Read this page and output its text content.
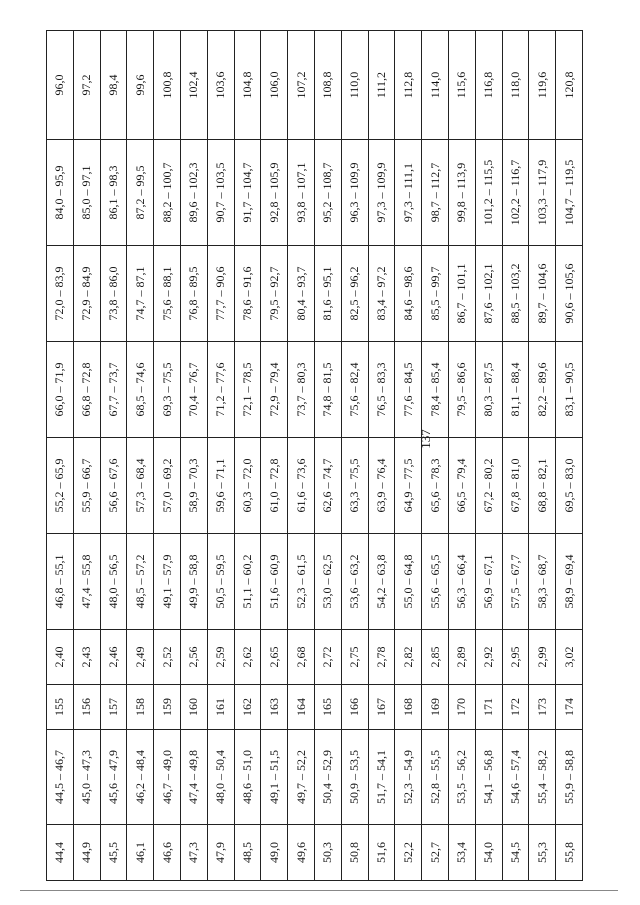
137
44,4	44,5 – 46,7	155	2,40	46,8 – 55,1	55,2 – 65,9	66,0 – 71,9	72,0 – 83,9	84,0 – 95,9	96,0
44,9	45,0 – 47,3	156	2,43	47,4 – 55,8	55,9 – 66,7	66,8 – 72,8	72,9 – 84,9	85,0 – 97,1	97,2
45,5	45,6 – 47,9	157	2,46	48,0 – 56,5	56,6 – 67,6	67,7 – 73,7	73,8 – 86,0	86,1 – 98,3	98,4
46,1	46,2 – 48,4	158	2,49	48,5 – 57,2	57,3 – 68,4	68,5 – 74,6	74,7 – 87,1	87,2 – 99,5	99,6
46,6	46,7 – 49,0	159	2,52	49,1 – 57,9	57,0 – 69,2	69,3 – 75,5	75,6 – 88,1	88,2 – 100,7	100,8
47,3	47,4 – 49,8	160	2,56	49,9 – 58,8	58,9 – 70,3	70,4 – 76,7	76,8 – 89,5	89,6 – 102,3	102,4
47,9	48,0 – 50,4	161	2,59	50,5 – 59,5	59,6 – 71,1	71,2 – 77,6	77,7 – 90,6	90,7 – 103,5	103,6
48,5	48,6 – 51,0	162	2,62	51,1 – 60,2	60,3 – 72,0	72,1 – 78,5	78,6 – 91,6	91,7 – 104,7	104,8
49,0	49,1 – 51,5	163	2,65	51,6 – 60,9	61,0 – 72,8	72,9 – 79,4	79,5 – 92,7	92,8 – 105,9	106,0
49,6	49,7 – 52,2	164	2,68	52,3 – 61,5	61,6 – 73,6	73,7 – 80,3	80,4 – 93,7	93,8 – 107,1	107,2
50,3	50,4 – 52,9	165	2,72	53,0 – 62,5	62,6 – 74,7	74,8 – 81,5	81,6 – 95,1	95,2 – 108,7	108,8
50,8	50,9 – 53,5	166	2,75	53,6 – 63,2	63,3 – 75,5	75,6 – 82,4	82,5 – 96,2	96,3 – 109,9	110,0
51,6	51,7 – 54,1	167	2,78	54,2 – 63,8	63,9 – 76,4	76,5 – 83,3	83,4 – 97,2	97,3 – 109,9	111,2
52,2	52,3 – 54,9	168	2,82	55,0 – 64,8	64,9 – 77,5	77,6 – 84,5	84,6 – 98,6	97,3 – 111,1	112,8
52,7	52,8 – 55,5	169	2,85	55,6 – 65,5	65,6 – 78,3	78,4 – 85,4	85,5 – 99,7	98,7 – 112,7	114,0
53,4	53,5 – 56,2	170	2,89	56,3 – 66,4	66,5 – 79,4	79,5 – 86,6	86,7 – 101,1	99,8 – 113,9	115,6
54,0	54,1 – 56,8	171	2,92	56,9 – 67,1	67,2 – 80,2	80,3 – 87,5	87,6 – 102,1	101,2 – 115,5	116,8
54,5	54,6 – 57,4	172	2,95	57,5 – 67,7	67,8 – 81,0	81,1 – 88,4	88,5 – 103,2	102,2 – 116,7	118,0
55,3	55,4 – 58,2	173	2,99	58,3 – 68,7	68,8 – 82,1	82,2 – 89,6	89,7 – 104,6	103,3 – 117,9	119,6
55,8	55,9 – 58,8	174	3,02	58,9 – 69,4	69,5 – 83,0	83,1 – 90,5	90,6 – 105,6	104,7 – 119,5	120,8
